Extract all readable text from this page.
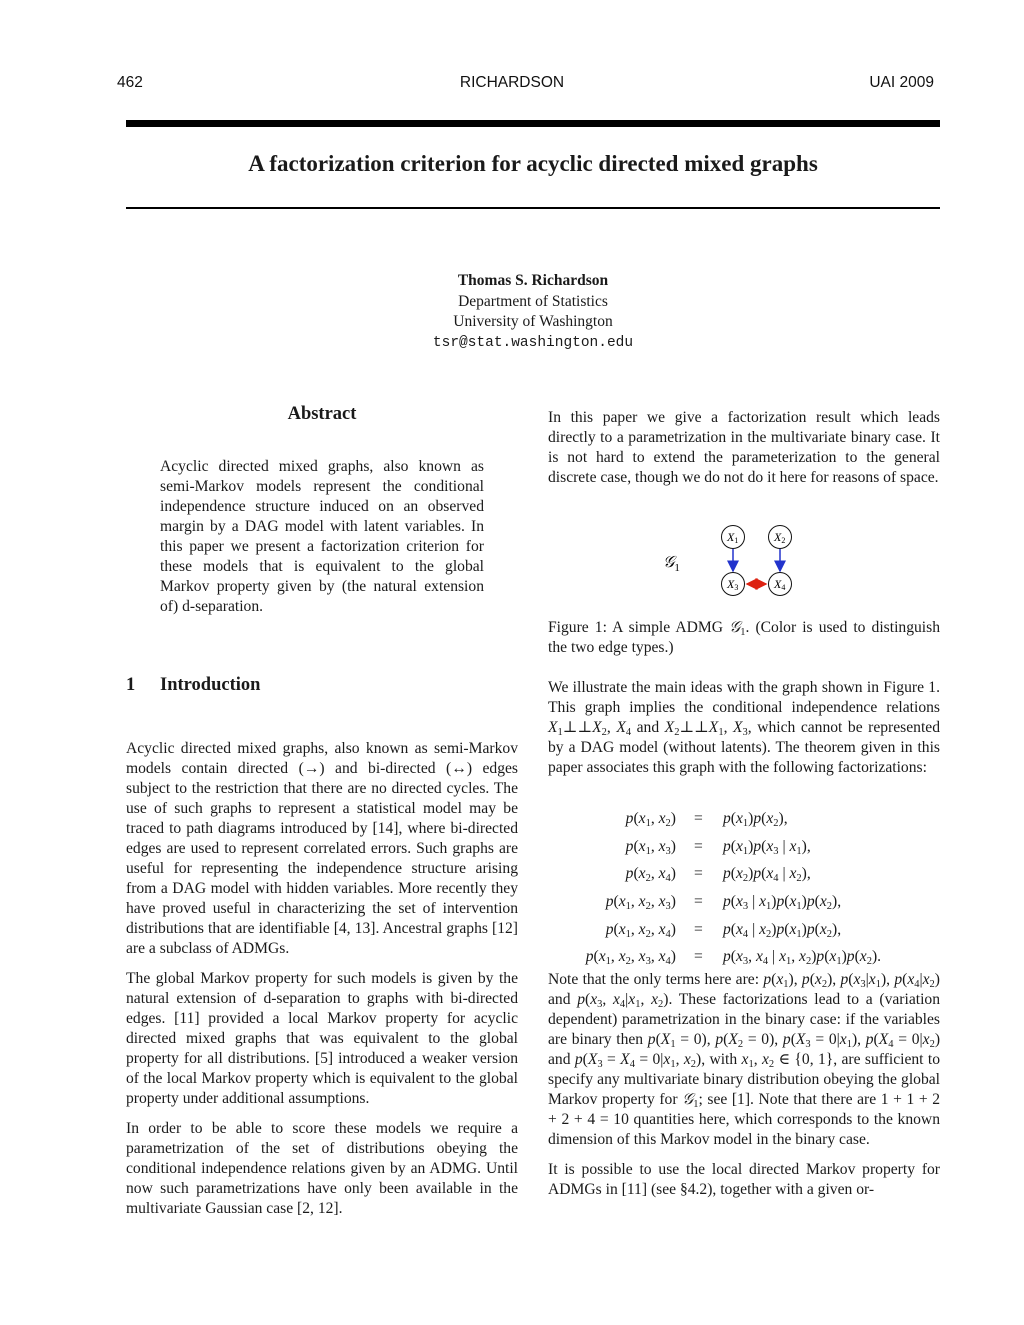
462	RICHARDSON	UAI 2009
A factorization criterion for acyclic directed mixed graphs
Thomas S. Richardson
Department of Statistics
University of Washington
tsr@stat.washington.edu
Abstract
Acyclic directed mixed graphs, also known as semi-Markov models represent the conditional independence structure induced on an observed margin by a DAG model with latent variables. In this paper we present a factorization criterion for these models that is equivalent to the global Markov property given by (the natural extension of) d-separation.
1 Introduction

Acyclic directed mixed graphs, also known as semi-Markov models contain directed (→) and bi-directed (↔) edges subject to the restriction that there are no directed cycles. The use of such graphs to represent a statistical model may be traced to path diagrams introduced by [14], where bi-directed edges are used to represent correlated errors. Such graphs are useful for representing the independence structure arising from a DAG model with hidden variables. More recently they have proved useful in characterizing the set of intervention distributions that are identifiable [4, 13]. Ancestral graphs [12] are a subclass of ADMGs.

The global Markov property for such models is given by the natural extension of d-separation to graphs with bi-directed edges. [11] provided a local Markov property for acyclic directed mixed graphs that was equivalent to the global property for all distributions. [5] introduced a weaker version of the local Markov property which is equivalent to the global property under additional assumptions.

In order to be able to score these models we require a parametrization of the set of distributions obeying the conditional independence relations given by an ADMG. Until now such parametrizations have only been available in the multivariate Gaussian case [2, 12].

In this paper we give a factorization result which leads directly to a parametrization in the multivariate binary case. It is not hard to extend the parameterization to the general discrete case, though we do not do it here for reasons of space.

𝒢$_1$
X1	X2
X3	X4
Figure 1: A simple ADMG 𝒢$_1$. (Color is used to distinguish the two edge types.)

We illustrate the main ideas with the graph shown in Figure 1. This graph implies the conditional independence relations $X_1\perp\perp X_2$, $X_4$ and $X_2\perp\perp X_1$, $X_3$, which cannot be represented by a DAG model (without latents). The theorem given in this paper associates this graph with the following factorizations:

$p(x_1$, $x_2) = p(x_1)p(x_2)$,
$p(x_1$, $x_3) = p(x_1)p(x_3$ | $x_1$),
$p(x_2$, $x_4) = p(x_2)p(x_4$ | $x_2$),
$p(x_1$, $x_2$, $x_3) = p(x_3$ | $x_1)p(x_1)p(x_2)$,
$p(x_1$, $x_2$, $x_4) = p(x_4$ | $x_2)p(x_1)p(x_2)$,
$p(x_1$, $x_2$, $x_3$, $x_4) = p(x_3$, $x_4$ | $x_1$, $x_2)p(x_1)p(x_2)$.

Note that the only terms here are: $p(x_1)$, $p(x_2)$, $p(x_3|x_1)$, $p(x_4|x_2)$ and $p(x_3$, $x_4|x_1$, $x_2$). These factorizations lead to a (variation dependent) parametrization in the binary case: if the variables are binary then $p(X_1 = 0)$, $p(X_2 = 0)$, $p(X_3 = 0|x_1)$, $p(X_4 = 0|x_2)$ and $p(X_3 = X_4 = 0|x_1$, $x_2$), with $x_1$, $x_2$ ∈ {0, 1}, are sufficient to specify any multivariate binary distribution obeying the global Markov property for 𝒢$_1$; see [1]. Note that there are 1 + 1 + 2 + 2 + 4 = 10 quantities here, which corresponds to the known dimension of this Markov model in the binary case.

It is possible to use the local directed Markov property for ADMGs in [11] (see §4.2), together with a given or-
